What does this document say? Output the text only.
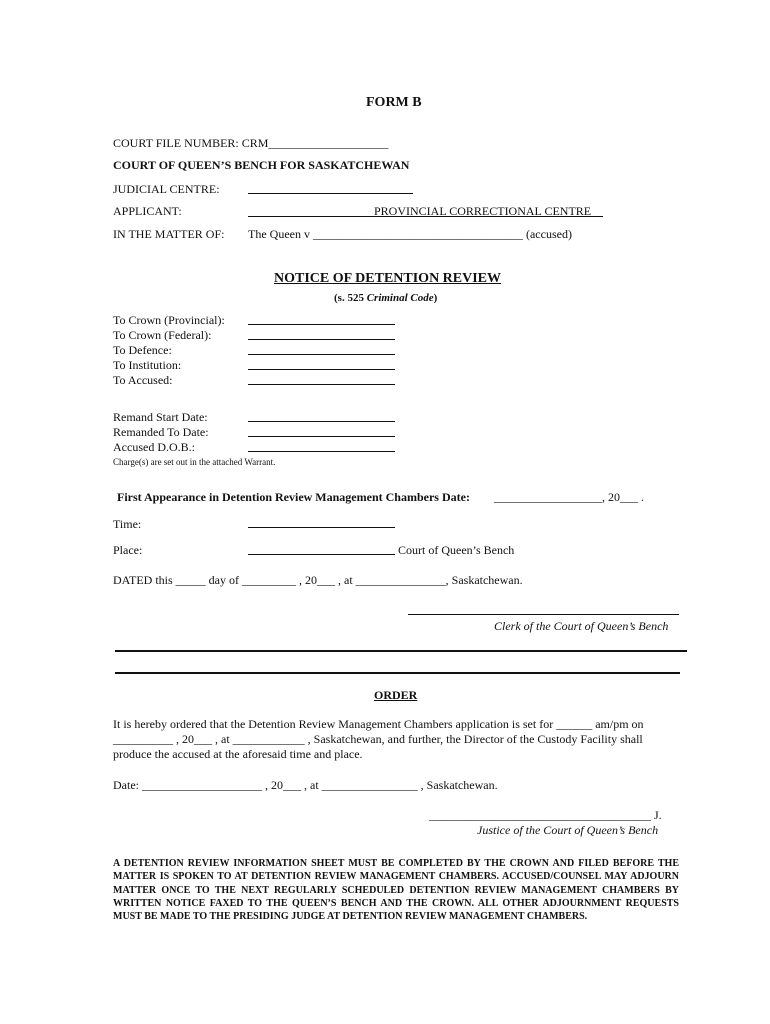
FORM B
COURT FILE NUMBER: CRM____________________
COURT OF QUEEN’S BENCH FOR SASKATCHEWAN
JUDICIAL CENTRE:
APPLICANT:	PROVINCIAL CORRECTIONAL CENTRE
IN THE MATTER OF: The Queen v ___________________________________ (accused)
NOTICE OF DETENTION REVIEW
(s. 525 Criminal Code)
To Crown (Provincial):
To Crown (Federal):
To Defence:
To Institution:
To Accused:
Remand Start Date:
Remanded To Date:
Accused D.O.B.:
Charge(s) are set out in the attached Warrant.
First Appearance in Detention Review Management Chambers Date: __________________, 20___ .
Time:
Place:	Court of Queen’s Bench
DATED this _____ day of _________ , 20___ , at _______________, Saskatchewan.
Clerk of the Court of Queen’s Bench
ORDER
It is hereby ordered that the Detention Review Management Chambers application is set for ______ am/pm on
__________ , 20___ , at ____________ , Saskatchewan, and further, the Director of the Custody Facility shall
produce the accused at the aforesaid time and place.
Date: ____________________ , 20___ , at ________________ , Saskatchewan.
_____________________________________ J.
Justice of the Court of Queen’s Bench
A DETENTION REVIEW INFORMATION SHEET MUST BE COMPLETED BY THE CROWN AND FILED BEFORE THE MATTER IS SPOKEN TO AT DETENTION REVIEW MANAGEMENT CHAMBERS. ACCUSED/COUNSEL MAY ADJOURN MATTER ONCE TO THE NEXT REGULARLY SCHEDULED DETENTION REVIEW MANAGEMENT CHAMBERS BY WRITTEN NOTICE FAXED TO THE QUEEN’S BENCH AND THE CROWN. ALL OTHER ADJOURNMENT REQUESTS MUST BE MADE TO THE PRESIDING JUDGE AT DETENTION REVIEW MANAGEMENT CHAMBERS.
